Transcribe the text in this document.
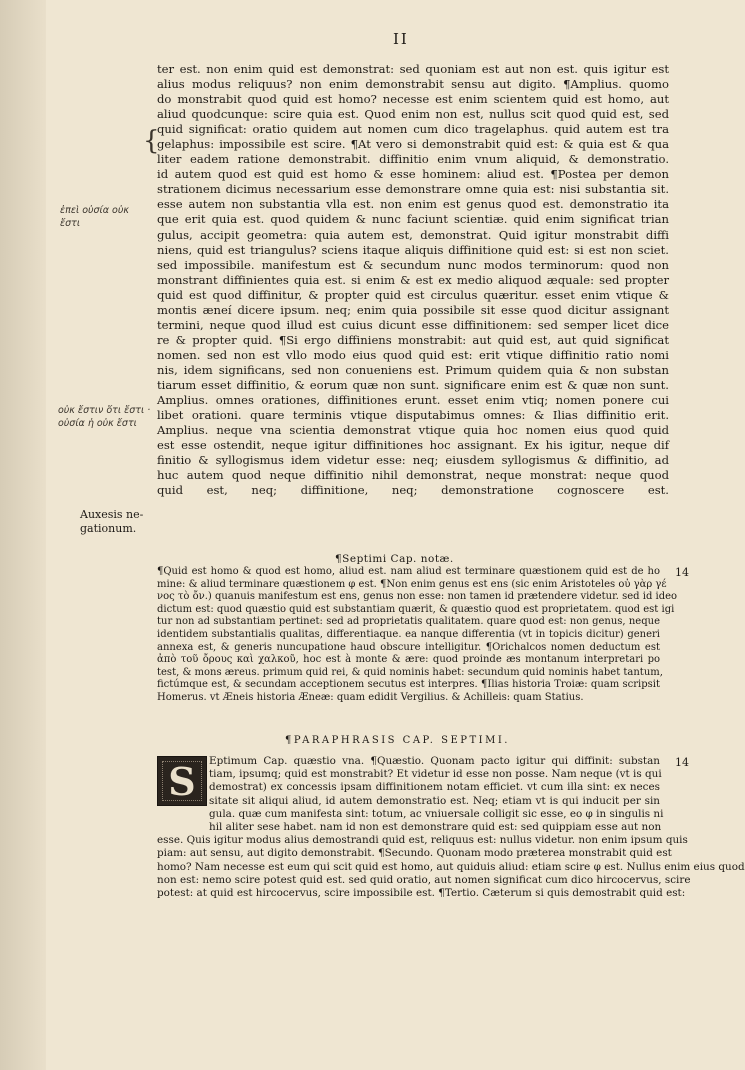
II
{
ter est. non enim quid est demonstrat: sed quoniam est aut non est. quis igitur est
alius modus reliquus? non enim demonstrabit sensu aut digito. ¶Amplius. quomo
do monstrabit quod quid est homo? necesse est enim scientem quid est homo, aut
aliud quodcunque: scire quia est. Quod enim non est, nullus scit quod quid est, sed
quid significat: oratio quidem aut nomen cum dico tragelaphus. quid autem est tra
gelaphus: impossibile est scire. ¶At vero si demonstrabit quid est: & quia est & qua
liter eadem ratione demonstrabit. diffinitio enim vnum aliquid, & demonstratio.
id autem quod est quid est homo & esse hominem: aliud est. ¶Postea per demon
strationem dicimus necessarium esse demonstrare omne quia est: nisi substantia sit.
esse autem non substantia vlla est. non enim est genus quod est. demonstratio ita
que erit quia est. quod quidem & nunc faciunt scientiæ. quid enim significat trian
gulus, accipit geometra: quia autem est, demonstrat. Quid igitur monstrabit diffi
niens, quid est triangulus? sciens itaque aliquis diffinitione quid est: si est non sciet.
sed impossibile. manifestum est & secundum nunc modos terminorum: quod non
monstrant diffinientes quia est. si enim & est ex medio aliquod æquale: sed propter
quid est quod diffinitur, & propter quid est circulus quæritur. esset enim vtique &
montis æneí dicere ipsum. neq; enim quia possibile sit esse quod dicitur assignant
termini, neque quod illud est cuius dicunt esse diffinitionem: sed semper licet dice
re & propter quid. ¶Si ergo diffiniens monstrabit: aut quid est, aut quid significat
nomen. sed non est vllo modo eius quod quid est: erit vtique diffinitio ratio nomi
nis, idem significans, sed non conueniens est. Primum quidem quia & non substan
tiarum esset diffinitio, & eorum quæ non sunt. significare enim est & quæ non sunt.
Amplius. omnes orationes, diffinitiones erunt. esset enim vtiq; nomen ponere cui
libet orationi. quare terminis vtique disputabimus omnes: & Ilias diffinitio erit.
Amplius. neque vna scientia demonstrat vtique quia hoc nomen eius quod quid
est esse ostendit, neque igitur diffinitiones hoc assignant. Ex his igitur, neque dif
finitio & syllogismus idem videtur esse: neq; eiusdem syllogismus & diffinitio, ad
huc autem quod neque diffinitio nihil demonstrat, neque monstrat: neque quod
quid est, neq; diffinitione, neq; demonstratione cognoscere est.
ἐπεὶ οὐσία οὐκ ἔστι
οὐκ ἔστιν ὅτι ἔστι · οὐσία ἡ οὐκ ἔστι
Auxesis ne-
gationum.
¶Septimi Cap. notæ.
¶Quid est homo & quod est homo, aliud est. nam aliud est terminare quæstionem quid est de ho
mine: & aliud terminare quæstionem φ est. ¶Non enim genus est ens (sic enim Aristoteles οὐ γὰρ γέ
νος τὸ ὄν.) quanuis manifestum est ens, genus non esse: non tamen id prætendere videtur. sed id ideo
dictum est: quod quæstio quid est substantiam quærit, & quæstio quod est proprietatem. quod est igi
tur non ad substantiam pertinet: sed ad proprietatis qualitatem. quare quod est: non genus, neque
identidem substantialis qualitas, differentiaque. ea nanque differentia (vt in topicis dicitur) generi
annexa est, & generis nuncupatione haud obscure intelligitur. ¶Orichalcos nomen deductum est
ἀπὸ τοῦ ὄρους καὶ χαλκοῦ, hoc est à monte & ære: quod proinde æs montanum interpretari po
test, & mons æreus. primum quid rei, & quid nominis habet: secundum quid nominis habet tantum,
fictúmque est, & secundam acceptionem secutus est interpres. ¶Ilias historia Troiæ: quam scripsit
Homerus. vt Æneis historia Æneæ: quam edidit Vergilius. & Achilleis: quam Statius.
14
¶PARAPHRASIS CAP. SEPTIMI.
S	Eptimum Cap. quæstio vna. ¶Quæstio. Quonam pacto igitur qui diffinit: substan
tiam, ipsumq; quid est monstrabit? Et videtur id esse non posse. Nam neque (vt is qui
demostrat) ex concessis ipsam diffinitionem notam efficiet. vt cum illa sint: ex neces
sitate sit aliqui aliud, id autem demonstratio est. Neq; etiam vt is qui inducit per sin
gula. quæ cum manifesta sint: totum, ac vniuersale colligit sic esse, eo φ in singulis ni
hil aliter sese habet. nam id non est demonstrare quid est: sed quippiam esse aut non
esse. Quis igitur modus alius demostrandi quid est, reliquus est: nullus videtur. non enim ipsum quis
piam: aut sensu, aut digito demonstrabit. ¶Secundo. Quonam modo præterea monstrabit quid est
homo? Nam necesse est eum qui scit quid est homo, aut quiduis aliud: etiam scire φ est. Nullus enim eius quod
non est: nemo scire potest quid est. sed quid oratio, aut nomen significat cum dico hircocervus, scire
potest: at quid est hircocervus, scire impossibile est. ¶Tertio. Cæterum si quis demostrabit quid est:
14
